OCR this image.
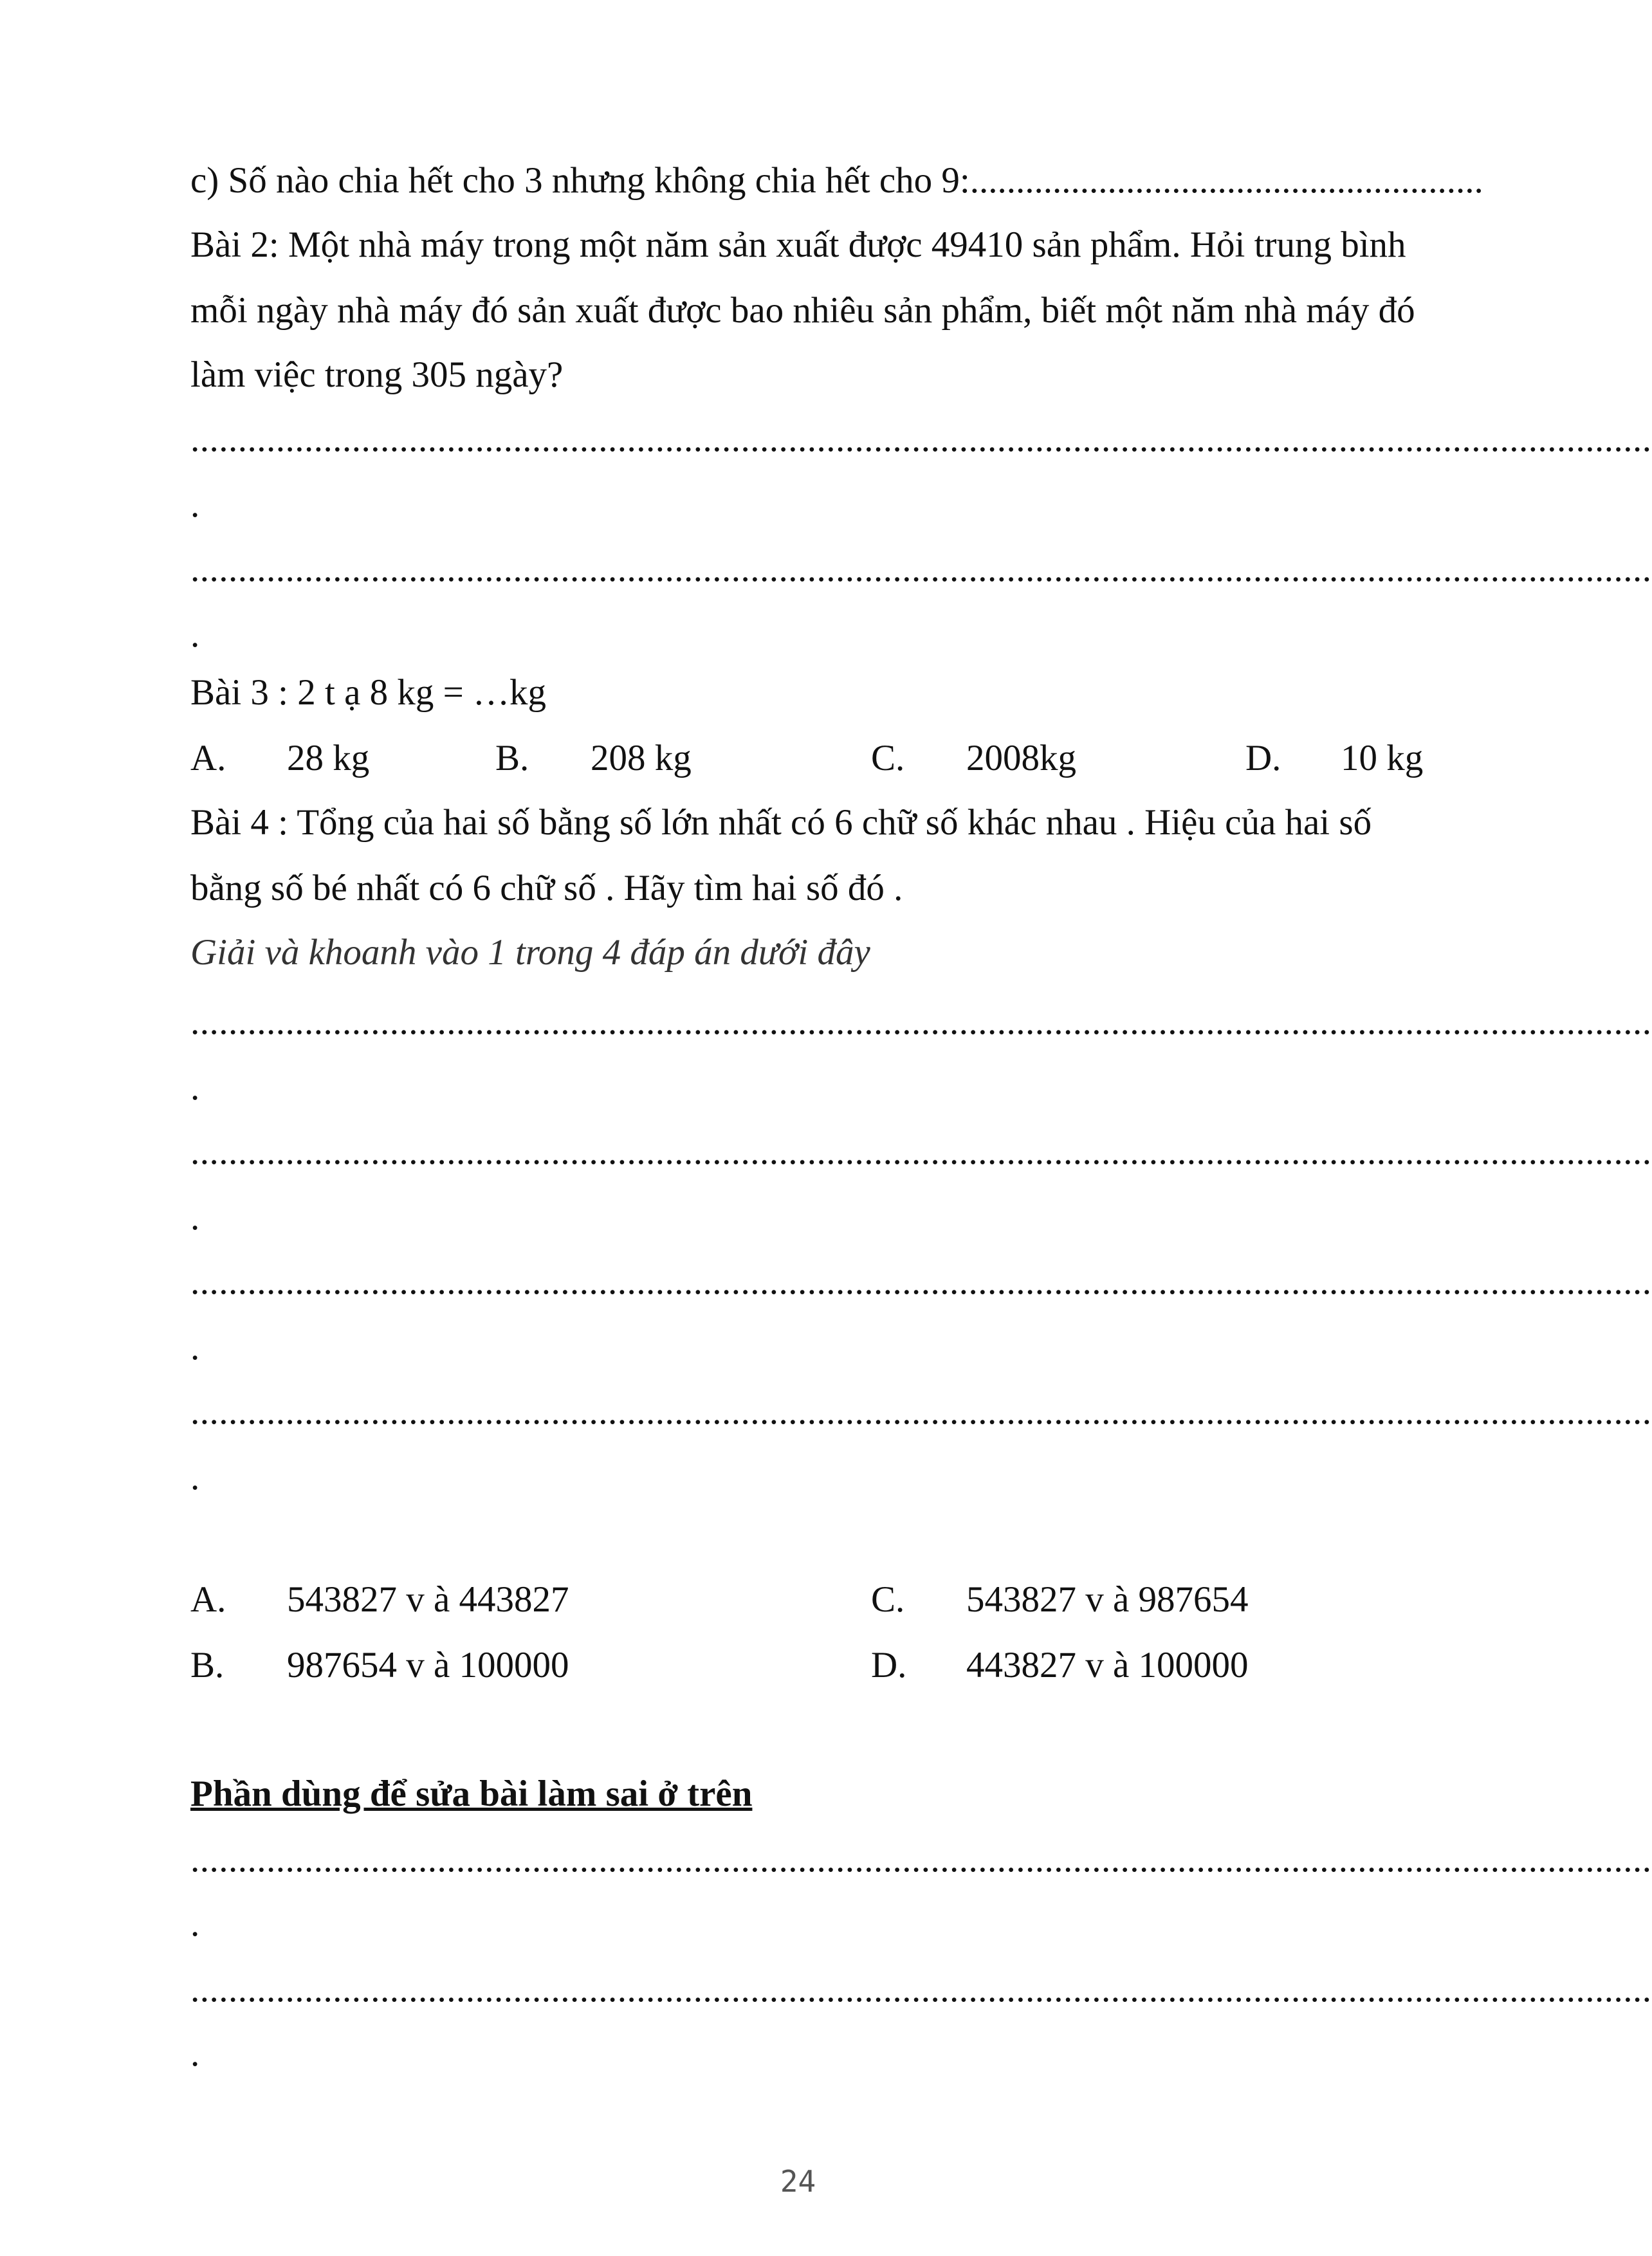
c) Số nào chia hết cho 3 nhưng không chia hết cho 9:........................................................
Bài 2: Một nhà máy trong một năm sản xuất được 49410 sản phẩm. Hỏi trung bình
mỗi ngày nhà máy đó sản xuất được bao nhiêu sản phẩm, biết một năm nhà máy đó
làm việc trong 305 ngày?
..........................................................................................................................................................
.
..........................................................................................................................................................
.
Bài 3 : 2 t ạ 8 kg = …kg
A. 28 kg	B. 208 kg	C. 2008kg	D. 10 kg
Bài 4 : Tổng của hai số bằng số lớn nhất có 6 chữ số khác nhau . Hiệu của hai số
bằng số bé nhất có 6 chữ số . Hãy tìm hai số đó .
Giải và khoanh vào 1 trong 4 đáp án dưới đây
..........................................................................................................................................................
.
..........................................................................................................................................................
.
..........................................................................................................................................................
.
..........................................................................................................................................................
.
A. 543827 v à 443827	C. 543827 v à 987654
B. 987654 v à 100000	D. 443827 v à 100000
Phần dùng để sửa bài làm sai ở trên
..........................................................................................................................................................
.
..........................................................................................................................................................
.
24
